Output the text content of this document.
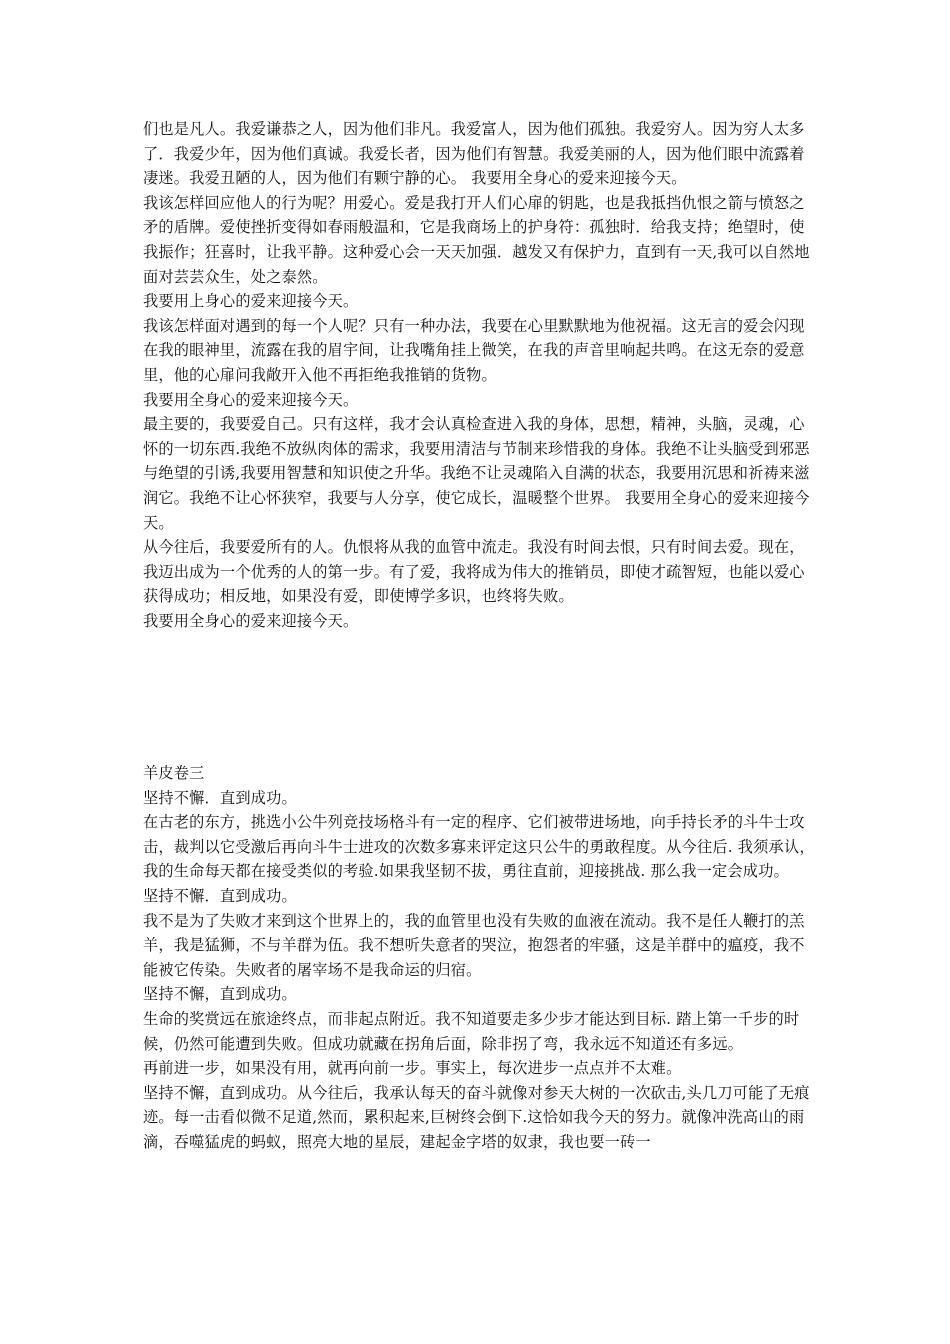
们也是凡人。我爱谦恭之人，因为他们非凡。我爱富人，因为他们孤独。我爱穷人。因为穷人太多了．我爱少年，因为他们真诚。我爱长者，因为他们有智慧。我爱美丽的人，因为他们眼中流露着凄迷。我爱丑陋的人，因为他们有颗宁静的心。 我要用全身心的爱来迎接今天。

我该怎样回应他人的行为呢？用爱心。爱是我打开人们心扉的钥匙，也是我抵挡仇恨之箭与愤怒之矛的盾牌。爱使挫折变得如春雨般温和，它是我商场上的护身符：孤独时．给我支持；绝望时，使我振作；狂喜时，让我平静。这种爱心会一天天加强．越发又有保护力，直到有一天,我可以自然地面对芸芸众生，处之泰然。

我要用上身心的爱来迎接今天。

我该怎样面对遇到的每一个人呢？只有一种办法，我要在心里默默地为他祝福。这无言的爱会闪现在我的眼神里，流露在我的眉宇间，让我嘴角挂上微笑，在我的声音里响起共鸣。在这无奈的爱意里，他的心扉问我敞开入他不再拒绝我推销的货物。

我要用全身心的爱来迎接今天。

最主要的，我要爱自己。只有这样，我才会认真检查进入我的身体，思想，精神，头脑，灵魂，心怀的一切东西.我绝不放纵肉体的需求，我要用清洁与节制来珍惜我的身体。我绝不让头脑受到邪恶与绝望的引诱,我要用智慧和知识使之升华。我绝不让灵魂陷入自满的状态，我要用沉思和祈祷来滋润它。我绝不让心怀狭窄，我要与人分享，使它成长，温暖整个世界。 我要用全身心的爱来迎接今天。

从今往后，我要爱所有的人。仇恨将从我的血管中流走。我没有时间去恨，只有时间去爱。现在，我迈出成为一个优秀的人的第一步。有了爱，我将成为伟大的推销员，即使才疏智短，也能以爱心获得成功；相反地，如果没有爱，即使博学多识，也终将失败。

我要用全身心的爱来迎接今天。

羊皮卷三

坚持不懈．直到成功。

在古老的东方，挑选小公牛列竞技场格斗有一定的程序、它们被带进场地，向手持长矛的斗牛士攻击，裁判以它受激后再向斗牛士进攻的次数多寡来评定这只公牛的勇敢程度。从今往后. 我须承认，我的生命每天都在接受类似的考验.如果我坚韧不拔，勇往直前，迎接挑战. 那么我一定会成功。

坚持不懈．直到成功。

我不是为了失败才来到这个世界上的，我的血管里也没有失败的血液在流动。我不是任人鞭打的羔羊，我是猛狮，不与羊群为伍。我不想听失意者的哭泣，抱怨者的牢骚，这是羊群中的瘟疫，我不能被它传染。失败者的屠宰场不是我命运的归宿。

坚持不懈，直到成功。

生命的奖赏远在旅途终点，而非起点附近。我不知道要走多少步才能达到目标. 踏上第一千步的时候，仍然可能遭到失败。但成功就藏在拐角后面，除非拐了弯，我永远不知道还有多远。

再前进一步，如果没有用，就再向前一步。事实上，每次进步一点点并不太难。

坚持不懈，直到成功。从今往后，我承认每天的奋斗就像对参天大树的一次砍击,头几刀可能了无痕迹。每一击看似微不足道,然而，累积起来,巨树终会倒下.这恰如我今天的努力。就像冲洗高山的雨滴，吞噬猛虎的蚂蚁，照亮大地的星辰，建起金字塔的奴隶，我也要一砖一
